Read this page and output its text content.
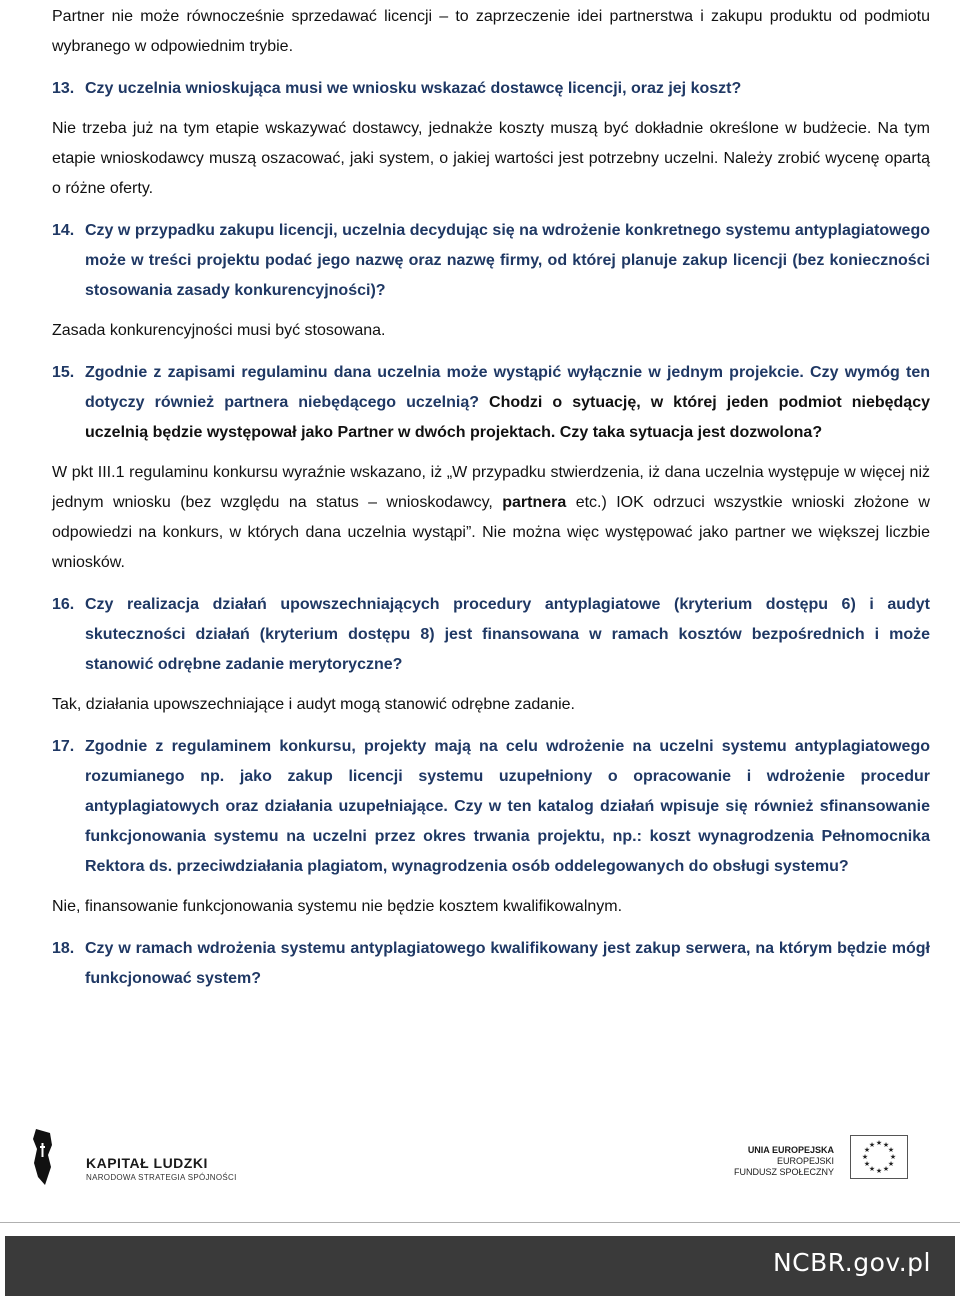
Partner nie może równocześnie sprzedawać licencji – to zaprzeczenie idei partnerstwa i zakupu produktu od podmiotu wybranego w odpowiednim trybie.

13. Czy uczelnia wnioskująca musi we wniosku wskazać dostawcę licencji, oraz jej koszt?

Nie trzeba już na tym etapie wskazywać dostawcy, jednakże koszty muszą być dokładnie określone w budżecie. Na tym etapie wnioskodawcy muszą oszacować, jaki system, o jakiej wartości jest potrzebny uczelni. Należy zrobić wycenę opartą o różne oferty.

14. Czy w przypadku zakupu licencji, uczelnia decydując się na wdrożenie konkretnego systemu antyplagiatowego może w treści projektu podać jego nazwę oraz nazwę firmy, od której planuje zakup licencji (bez konieczności stosowania zasady konkurencyjności)?

Zasada konkurencyjności musi być stosowana.

15. Zgodnie z zapisami regulaminu dana uczelnia może wystąpić wyłącznie w jednym projekcie. Czy wymóg ten dotyczy również partnera niebędącego uczelnią? Chodzi o sytuację, w której jeden podmiot niebędący uczelnią będzie występował jako Partner w dwóch projektach. Czy taka sytuacja jest dozwolona?

W pkt III.1 regulaminu konkursu wyraźnie wskazano, iż „W przypadku stwierdzenia, iż dana uczelnia występuje w więcej niż jednym wniosku (bez względu na status – wnioskodawcy, partnera etc.) IOK odrzuci wszystkie wnioski złożone w odpowiedzi na konkurs, w których dana uczelnia wystąpi”. Nie można więc występować jako partner we większej liczbie wniosków.

16. Czy realizacja działań upowszechniających procedury antyplagiatowe (kryterium dostępu 6) i audyt skuteczności działań (kryterium dostępu 8) jest finansowana w ramach kosztów bezpośrednich i może stanowić odrębne zadanie merytoryczne?

Tak, działania upowszechniające i audyt mogą stanowić odrębne zadanie.

17. Zgodnie z regulaminem konkursu, projekty mają na celu wdrożenie na uczelni systemu antyplagiatowego rozumianego np. jako zakup licencji systemu uzupełniony o opracowanie i wdrożenie procedur antyplagiatowych oraz działania uzupełniające. Czy w ten katalog działań wpisuje się również sfinansowanie funkcjonowania systemu na uczelni przez okres trwania projektu, np.: koszt wynagrodzenia Pełnomocnika Rektora ds. przeciwdziałania plagiatom, wynagrodzenia osób oddelegowanych do obsługi systemu?

Nie, finansowanie funkcjonowania systemu nie będzie kosztem kwalifikowalnym.

18. Czy w ramach wdrożenia systemu antyplagiatowego kwalifikowany jest zakup serwera, na którym będzie mógł funkcjonować system?
KAPITAŁ LUDZKI
NARODOWA STRATEGIA SPÓJNOŚCI
UNIA EUROPEJSKA
EUROPEJSKI
FUNDUSZ SPOŁECZNY
★ ★
★
★
★
★
★
★
★
★
★
★
NCBR.gov.pl
